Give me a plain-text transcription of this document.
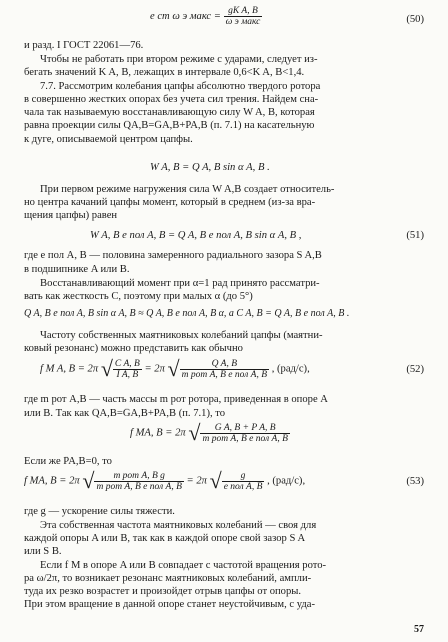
e ст ω э макс = $\frac{\text{gK A, B}}{\text{ω э макс}}$	(50)
и разд. I ГОСТ 22061—76.
Чтобы не работать при втором режиме с ударами, следует из-
бегать значений K A, B, лежащих в интервале 0,6<K A, B<1,4.
7.7. Рассмотрим колебания цапфы абсолютно твердого ротора
в совершенно жестких опорах без учета сил трения. Найдем сна-
чала так называемую восстанавливающую силу W A, B, которая
равна проекции силы Q̄A,B=ḠA,B+P̄A,B (п. 7.1) на касательную
к дуге, описываемой центром цапфы.
W A, B = Q A, B sin α A, B .
При первом режиме нагружения сила W A,B создает относитель-
но центра качаний цапфы момент, который в среднем (из-за вра-
щения цапфы) равен
W A, B e пол A, B = Q A, B e пол A, B sin α A, B ,	(51)
где e пол A, B — половина замеренного радиального зазора S A,B
в подшипнике A или B.
Восстанавливающий момент при α=1 рад принято рассматри-
вать как жесткость C, поэтому при малых α (до 5°)
Q A, B e пол A, B sin α A, B ≈ Q A, B e пол A, B α, а C A, B = Q A, B e пол A, B .
Частоту собственных маятниковых колебаний цапфы (маятни-
ковый резонанс) можно представить как обычно
f M A, B = 2π √ $\frac{\text{C A, B}}{\text{I A, B}} = 2\pi$ √ $\frac{\text{Q A, B}}{\text{m рот A, B e пол A, B}}$ , (рад/с),	(52)
где m рот A,B — часть массы m рот ротора, приведенная в опоре A
или B. Так как Q̄A,B=ḠA,B+P̄A,B (п. 7.1), то
f MA, B = 2π √ $\frac{\text{G A, B + P A, B}}{\text{m рот A, B e пол A, B}}$
Если же P̄A,B=0, то
f MA, B = 2π √ $\frac{\text{m рот A, B g}}{\text{m рот A, B e пол A, B}} = 2\pi$ √ $\frac{g}{\text{e пол A, B}}$ , (рад/с),	(53)
где g — ускорение силы тяжести.
Эта собственная частота маятниковых колебаний — своя для
каждой опоры A или B, так как в каждой опоре свой зазор S A
или S B.
Если f M в опоре A или B совпадает с частотой вращения рото-
ра ω/2π, то возникает резонанс маятниковых колебаний, ампли-
туда их резко возрастет и произойдет отрыв цапфы от опоры.
При этом вращение в данной опоре станет неустойчивым, с уда-
57
